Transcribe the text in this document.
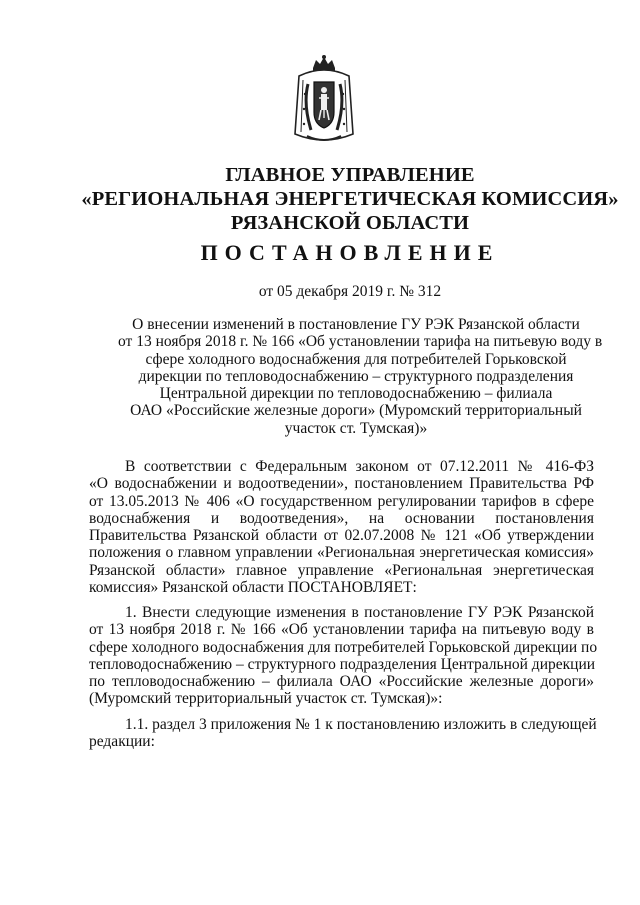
ГЛАВНОЕ УПРАВЛЕНИЕ
«РЕГИОНАЛЬНАЯ ЭНЕРГЕТИЧЕСКАЯ КОМИССИЯ»
РЯЗАНСКОЙ ОБЛАСТИ
ПОСТАНОВЛЕНИЕ
от 05 декабря 2019 г. № 312
О внесении изменений в постановление ГУ РЭК Рязанской области
от 13 ноября 2018 г. № 166 «Об установлении тарифа на питьевую воду в
сфере холодного водоснабжения для потребителей Горьковской
дирекции по тепловодоснабжению – структурного подразделения
Центральной дирекции по тепловодоснабжению – филиала
ОАО «Российские железные дороги» (Муромский территориальный
участок ст. Тумская)»
В соответствии с Федеральным законом от 07.12.2011 № 416-ФЗ
«О водоснабжении и водоотведении», постановлением Правительства РФ
от 13.05.2013 № 406 «О государственном регулировании тарифов в сфере
водоснабжения и водоотведения», на основании постановления
Правительства Рязанской области от 02.07.2008 № 121 «Об утверждении
положения о главном управлении «Региональная энергетическая комиссия»
Рязанской области» главное управление «Региональная энергетическая
комиссия» Рязанской области ПОСТАНОВЛЯЕТ:
1. Внести следующие изменения в постановление ГУ РЭК Рязанской
от 13 ноября 2018 г. № 166 «Об установлении тарифа на питьевую воду в
сфере холодного водоснабжения для потребителей Горьковской дирекции по
тепловодоснабжению – структурного подразделения Центральной дирекции
по тепловодоснабжению – филиала ОАО «Российские железные дороги»
(Муромский территориальный участок ст. Тумская)»:
1.1. раздел 3 приложения № 1 к постановлению изложить в следующей
редакции:
